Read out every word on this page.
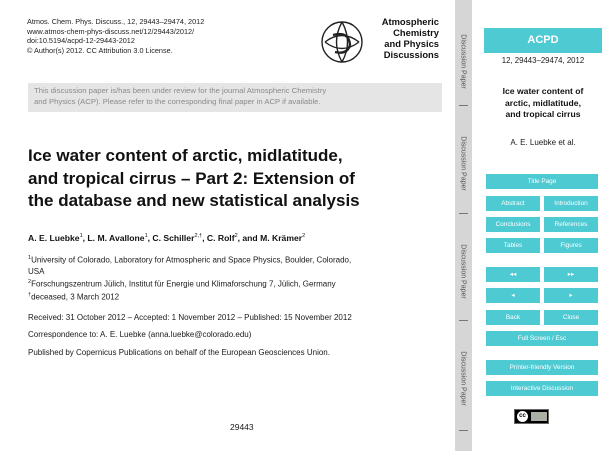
Atmos. Chem. Phys. Discuss., 12, 29443–29474, 2012
www.atmos-chem-phys-discuss.net/12/29443/2012/
doi:10.5194/acpd-12-29443-2012
© Author(s) 2012. CC Attribution 3.0 License.
Atmospheric
Chemistry
and Physics
Discussions
This discussion paper is/has been under review for the journal Atmospheric Chemistry
and Physics (ACP). Please refer to the corresponding final paper in ACP if available.
Ice water content of arctic, midlatitude,
and tropical cirrus – Part 2: Extension of
the database and new statistical analysis
A. E. Luebke$^1$, L. M. Avallone$^1$, C. Schiller$^{2,\dagger}$, C. Rolf$^2$, and M. Krämer$^2$
$^1$University of Colorado, Laboratory for Atmospheric and Space Physics, Boulder, Colorado,
USA
$^2$Forschungszentrum Jülich, Institut für Energie und Klimaforschung 7, Jülich, Germany
†deceased, 3 March 2012
Received: 31 October 2012 – Accepted: 1 November 2012 – Published: 15 November 2012
Correspondence to: A. E. Luebke (anna.luebke@colorado.edu)
Published by Copernicus Publications on behalf of the European Geosciences Union.
29443
Discussion Paper
Discussion Paper
Discussion Paper
Discussion Paper
ACPD
12, 29443–29474, 2012
Ice water content of
arctic, midlatitude,
and tropical cirrus
A. E. Luebke et al.
Title Page
Abstract	Introduction
Conclusions	References
Tables	Figures
◂◂	▸▸
◂	▸
Back	Close
Full Screen / Esc
Printer-friendly Version
Interactive Discussion
cc
